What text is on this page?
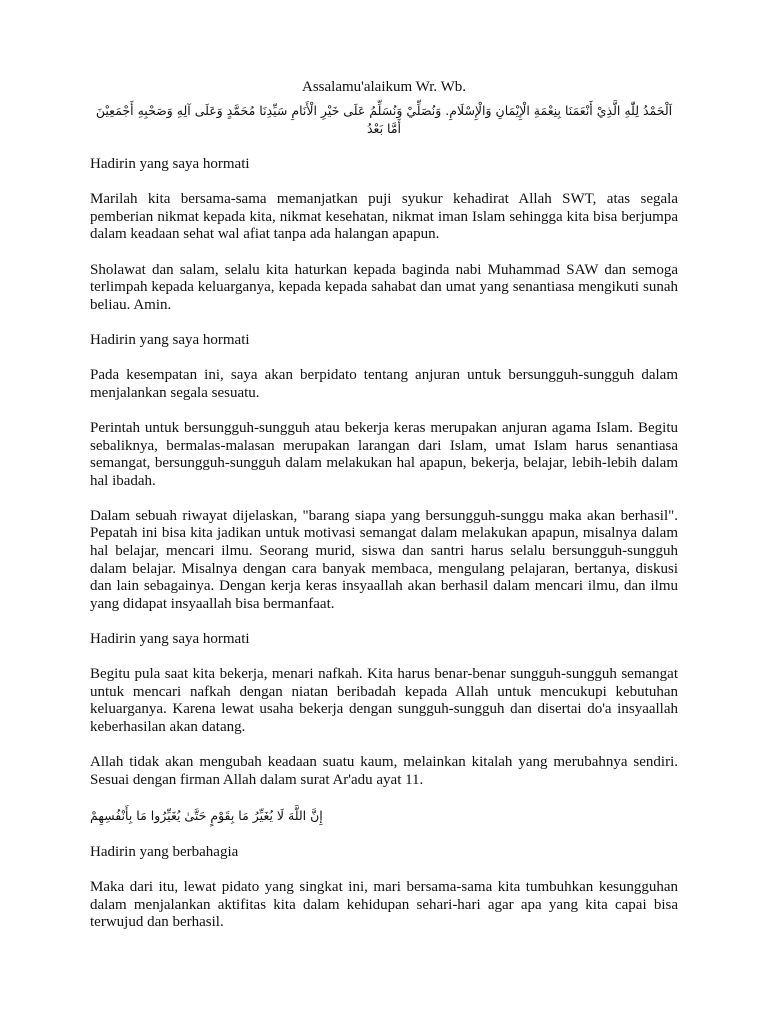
Assalamu'alaikum Wr. Wb.

اَلْحَمْدُ لِلّٰهِ الَّذِيْ أَنْعَمَنَا بِنِعْمَةِ الْإِيْمَانِ وَالْإِسْلَامِ. وَنُصَلِّيْ وَنُسَلِّمُ عَلَى خَيْرِ الْأَنَامِ سَيِّدِنَا مُحَمَّدٍ وَعَلَى آلِهِ وَصَحْبِهِ أَجْمَعِيْنَ أَمَّا بَعْدُ

Hadirin yang saya hormati

Marilah kita bersama-sama memanjatkan puji syukur kehadirat Allah SWT, atas segala pemberian nikmat kepada kita, nikmat kesehatan, nikmat iman Islam sehingga kita bisa berjumpa dalam keadaan sehat wal afiat tanpa ada halangan apapun.

Sholawat dan salam, selalu kita haturkan kepada baginda nabi Muhammad SAW dan semoga terlimpah kepada keluarganya, kepada kepada sahabat dan umat yang senantiasa mengikuti sunah beliau. Amin.

Hadirin yang saya hormati

Pada kesempatan ini, saya akan berpidato tentang anjuran untuk bersungguh-sungguh dalam menjalankan segala sesuatu.

Perintah untuk bersungguh-sungguh atau bekerja keras merupakan anjuran agama Islam. Begitu sebaliknya, bermalas-malasan merupakan larangan dari Islam, umat Islam harus senantiasa semangat, bersungguh-sungguh dalam melakukan hal apapun, bekerja, belajar, lebih-lebih dalam hal ibadah.

Dalam sebuah riwayat dijelaskan, "barang siapa yang bersungguh-sunggu maka akan berhasil". Pepatah ini bisa kita jadikan untuk motivasi semangat dalam melakukan apapun, misalnya dalam hal belajar, mencari ilmu. Seorang murid, siswa dan santri harus selalu bersungguh-sungguh dalam belajar. Misalnya dengan cara banyak membaca, mengulang pelajaran, bertanya, diskusi dan lain sebagainya. Dengan kerja keras insyaallah akan berhasil dalam mencari ilmu, dan ilmu yang didapat insyaallah bisa bermanfaat.

Hadirin yang saya hormati

Begitu pula saat kita bekerja, menari nafkah. Kita harus benar-benar sungguh-sungguh semangat untuk mencari nafkah dengan niatan beribadah kepada Allah untuk mencukupi kebutuhan keluarganya. Karena lewat usaha bekerja dengan sungguh-sungguh dan disertai do'a insyaallah keberhasilan akan datang.

Allah tidak akan mengubah keadaan suatu kaum, melainkan kitalah yang merubahnya sendiri. Sesuai dengan firman Allah dalam surat Ar'adu ayat 11.

إِنَّ اللَّهَ لَا يُغَيِّرُ مَا بِقَوْمٍ حَتَّىٰ يُغَيِّرُوا مَا بِأَنْفُسِهِمْ

Hadirin yang berbahagia

Maka dari itu, lewat pidato yang singkat ini, mari bersama-sama kita tumbuhkan kesungguhan dalam menjalankan aktifitas kita dalam kehidupan sehari-hari agar apa yang kita capai bisa terwujud dan berhasil.
